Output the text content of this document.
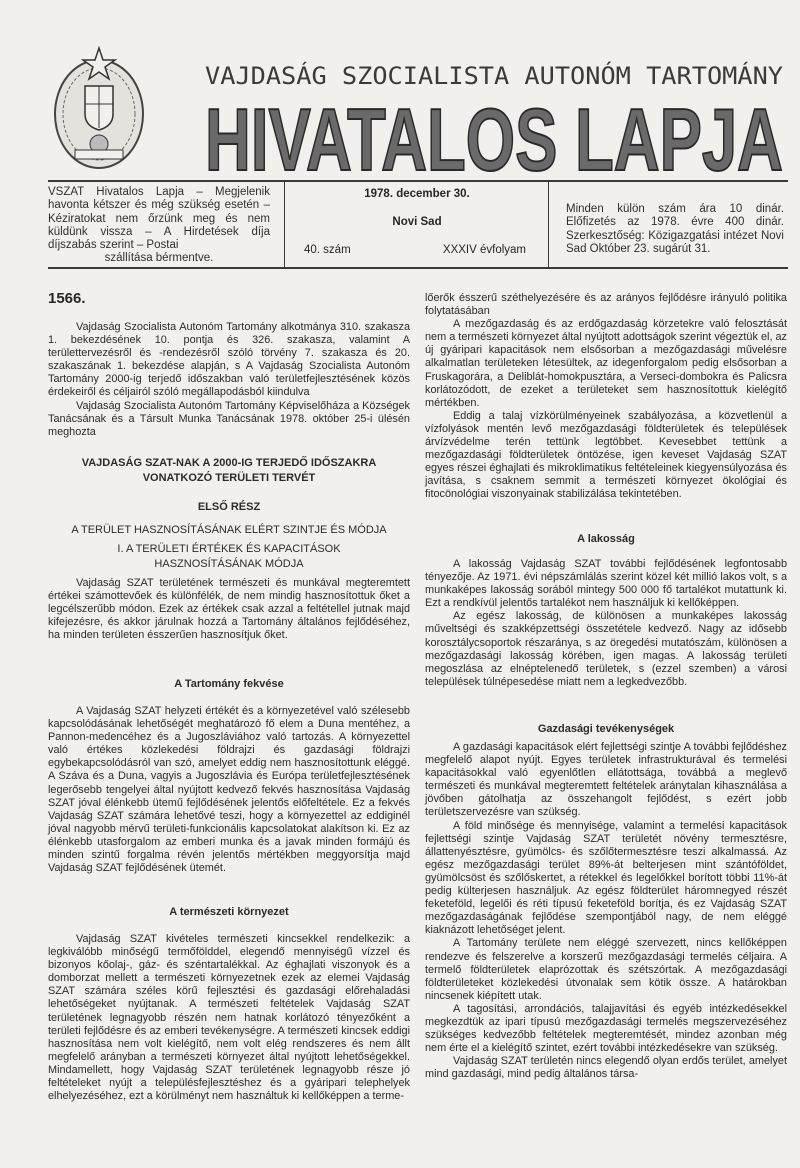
VAJDASÁG SZOCIALISTA AUTONÓM TARTOMÁNY
HIVATALOS LAPJA
VSZAT Hivatalos Lapja – Megjelenik havonta kétszer és még szükség esetén – Kéziratokat nem őrzünk meg és nem küldünk vissza – A Hirdetések díja díjszabás szerint – Postai
szállítása bérmentve.
1978. december 30.
Novi Sad
40. szám	XXXIV évfolyam
Minden külön szám ára 10 dinár. Előfizetés az 1978. évre 400 dinár. Szerkesztőség: Közigazgatási intézet Novi Sad Október 23. sugárút 31.
1566.

Vajdaság Szocialista Autonóm Tartomány alkotmánya 310. szakasza 1. bekezdésének 10. pontja és 326. szakasza, valamint A területtervezésről és -rendezésről szóló törvény 7. szakasza és 20. szakaszának 1. bekezdése alapján, s A Vajdaság Szocialista Autonóm Tartomány 2000-ig terjedő időszakban való területfejlesztésének közös érdekeiről és céljairól szóló megállapodásból kiindulva

Vajdaság Szocialista Autonóm Tartomány Képviselőháza a Községek Tanácsának és a Társult Munka Tanácsának 1978. október 25-i ülésén meghozta

VAJDASÁG SZAT-NAK A 2000-IG TERJEDŐ IDŐSZAKRA
VONATKOZÓ TERÜLETI TERVÉT
ELSŐ RÉSZ
A TERÜLET HASZNOSÍTÁSÁNAK ELÉRT SZINTJE ÉS MÓDJA
I. A TERÜLETI ÉRTÉKEK ÉS KAPACITÁSOK
HASZNOSÍTÁSÁNAK MÓDJA

Vajdaság SZAT területének természeti és munkával megteremtett értékei számottevőek és különfélék, de nem mindig hasznosítottuk őket a legcélszerűbb módon. Ezek az értékek csak azzal a feltétellel jutnak majd kifejezésre, és akkor járulnak hozzá a Tartomány általános fejlődéséhez, ha minden területen ésszerűen hasznosítjuk őket.

A Tartomány fekvése

A Vajdaság SZAT helyzeti értékét és a környezetével való szélesebb kapcsolódásának lehetőségét meghatározó fő elem a Duna mentéhez, a Pannon-medencéhez és a Jugoszláviához való tartozás. A környezettel való értékes közlekedési földrajzi és gazdasági földrajzi egybekapcsolódásról van szó, amelyet eddig nem hasznosítottunk eléggé. A Száva és a Duna, vagyis a Jugoszlávia és Európa területfejlesztésének legerősebb tengelyei által nyújtott kedvező fekvés hasznosítása Vajdaság SZAT jóval élénkebb ütemű fejlődésének jelentős előfeltétele. Ez a fekvés Vajdaság SZAT számára lehetővé teszi, hogy a környezettel az eddiginél jóval nagyobb mérvű területi-funkcionális kapcsolatokat alakítson ki. Ez az élénkebb utasforgalom az emberi munka és a javak minden formájú és minden szintű forgalma révén jelentős mértékben meggyorsítja majd Vajdaság SZAT fejlődésének ütemét.

A természeti környezet

Vajdaság SZAT kivételes természeti kincsekkel rendelkezik: a legkiválóbb minőségű termőfölddel, elegendő mennyiségű vízzel és bizonyos kőolaj-, gáz- és széntartalékkal. Az éghajlati viszonyok és a domborzat mellett a természeti környezetnek ezek az elemei Vajdaság SZAT számára széles körű fejlesztési és gazdasági előrehaladási lehetőségeket nyújtanak. A természeti feltételek Vajdaság SZAT területének legnagyobb részén nem hatnak korlátozó tényezőként a területi fejlődésre és az emberi tevékenységre. A természeti kincsek eddigi hasznosítása nem volt kielégítő, nem volt elég rendszeres és nem állt megfelelő arányban a természeti környezet által nyújtott lehetőségekkel. Mindamellett, hogy Vajdaság SZAT területének legnagyobb része jó feltételeket nyújt a településfejlesztéshez és a gyáripari telephelyek elhelyezéséhez, ezt a körülményt nem használtuk ki kellőképpen a terme-

lőerők ésszerű széthelyezésére és az arányos fejlődésre irányuló politika folytatásában

A mezőgazdaság és az erdőgazdaság körzetekre való felosztását nem a természeti környezet által nyújtott adottságok szerint végeztük el, az új gyáripari kapacitások nem elsősorban a mezőgazdasági művelésre alkalmatlan területeken létesültek, az idegenforgalom pedig elsősorban a Fruskagorára, a Deliblát-homokpusztára, a Verseci-dombokra és Palicsra korlátozódott, de ezeket a területeket sem hasznosítottuk kielégítő mértékben.

Eddig a talaj vízkörülményeinek szabályozása, a közvetlenül a vízfolyások mentén levő mezőgazdasági földterületek és települések árvízvédelme terén tettünk legtöbbet. Kevesebbet tettünk a mezőgazdasági földterületek öntözése, igen keveset Vajdaság SZAT egyes részei éghajlati és mikroklimatikus feltételeinek kiegyensúlyozása és javítása, s csaknem semmit a természeti környezet ökológiai és fitocönológiai viszonyainak stabilizálása tekintetében.

A lakosság

A lakosság Vajdaság SZAT további fejlődésének legfontosabb tényezője. Az 1971. évi népszámlálás szerint közel két millió lakos volt, s a munkaképes lakosság sorából mintegy 500 000 fő tartalékot mutattunk ki. Ezt a rendkívül jelentős tartalékot nem használjuk ki kellőképpen.

Az egész lakosság, de különösen a munkaképes lakosság műveltségi és szakképzettségi összetétele kedvező. Nagy az idősebb korosztálycsoportok részaránya, s az öregedési mutatószám, különösen a mezőgazdasági lakosság körében, igen magas. A lakosság területi megoszlása az elnéptelenedő területek, s (ezzel szemben) a városi települések túlnépesedése miatt nem a legkedvezőbb.

Gazdasági tevékenységek

A gazdasági kapacitások elért fejlettségi szintje A további fejlődéshez megfelelő alapot nyújt. Egyes területek infrastrukturával és termelési kapacitásokkal való egyenlőtlen ellátottsága, továbbá a meglevő természeti és munkával megteremtett feltételek aránytalan kihasználása a jövőben gátolhatja az összehangolt fejlődést, s ezért jobb területszervezésre van szükség.

A föld minősége és mennyisége, valamint a termelési kapacitások fejlettségi szintje Vajdaság SZAT területét növény termesztésre, állattenyésztésre, gyümölcs- és szőlőtermesztésre teszi alkalmassá. Az egész mezőgazdasági terület 89%-át belterjesen mint szántóföldet, gyümölcsöst és szőlőskertet, a rétekkel és legelőkkel borított többi 11%-át pedig külterjesen használjuk. Az egész földterület háromnegyed részét feketeföld, legelői és réti típusú feketeföld borítja, és ez Vajdaság SZAT mezőgazdaságának fejlődése szempontjából nagy, de nem eléggé kiaknázott lehetőséget jelent.

A Tartomány területe nem eléggé szervezett, nincs kellőképpen rendezve és felszerelve a korszerű mezőgazdasági termelés céljaira. A termelő földterületek elaprózottak és szétszórtak. A mezőgazdasági földterületeket közlekedési útvonalak sem kötik össze. A határokban nincsenek kiépített utak.

A tagosítási, arrondációs, talajjavítási és egyéb intézkedésekkel megkezdtük az ipari típusú mezőgazdasági termelés megszervezéséhez szükséges kedvezőbb feltételek megteremtését, mindez azonban még nem érte el a kielégítő szintet, ezért további intézkedésekre van szükség.

Vajdaság SZAT területén nincs elegendő olyan erdős terület, amelyet mind gazdasági, mind pedig általános társa-
